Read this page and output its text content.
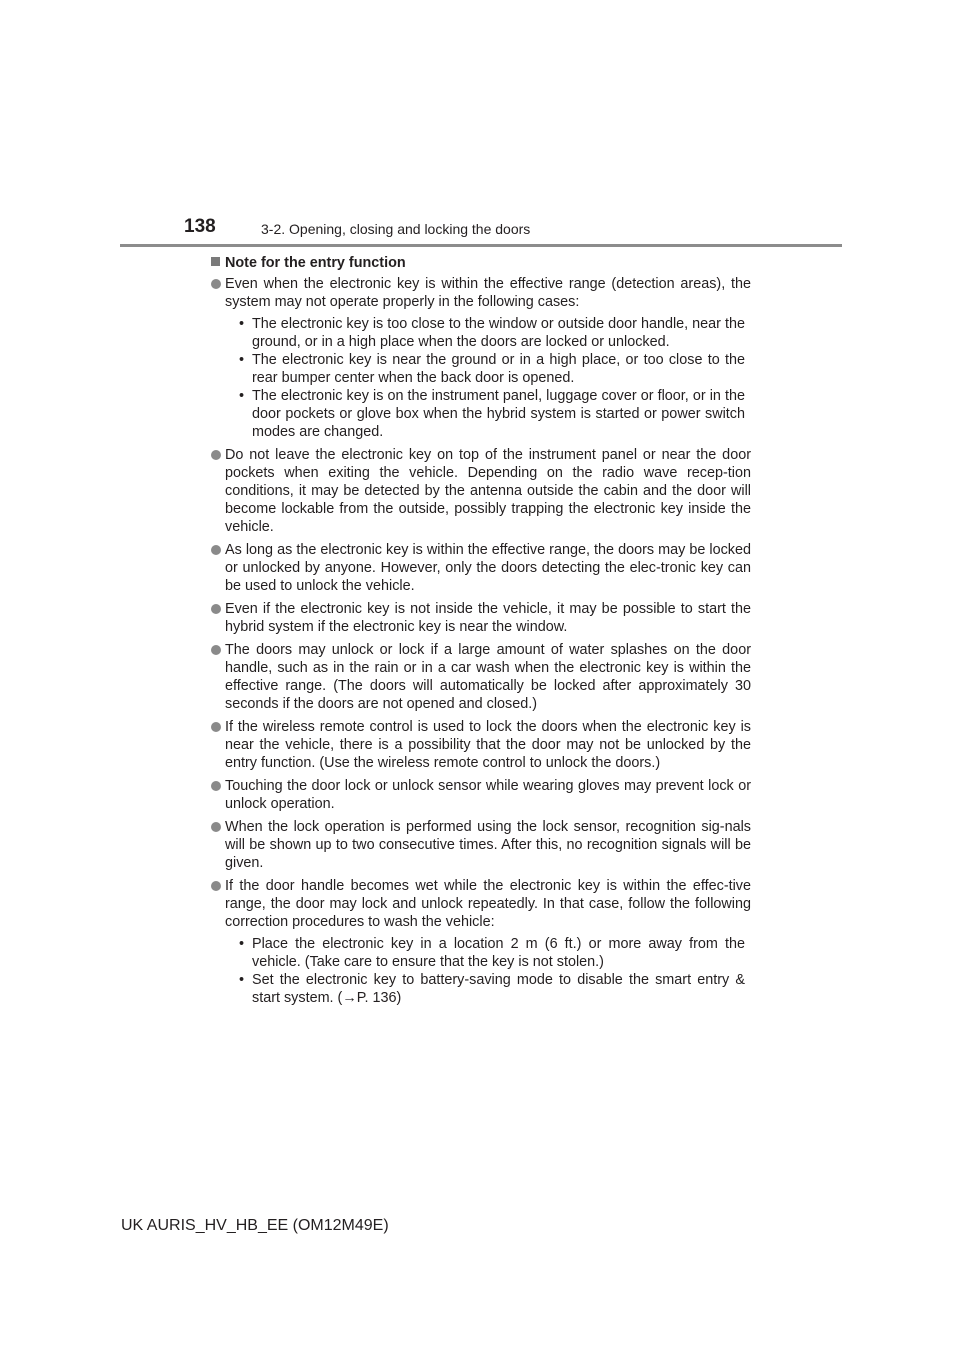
138	3-2. Opening, closing and locking the doors
Note for the entry function

Even when the electronic key is within the effective range (detection areas), the system may not operate properly in the following cases:

• The electronic key is too close to the window or outside door handle, near the ground, or in a high place when the doors are locked or unlocked.
• The electronic key is near the ground or in a high place, or too close to the rear bumper center when the back door is opened.
• The electronic key is on the instrument panel, luggage cover or floor, or in the door pockets or glove box when the hybrid system is started or power switch modes are changed.

Do not leave the electronic key on top of the instrument panel or near the door pockets when exiting the vehicle. Depending on the radio wave recep-tion conditions, it may be detected by the antenna outside the cabin and the door will become lockable from the outside, possibly trapping the electronic key inside the vehicle.

As long as the electronic key is within the effective range, the doors may be locked or unlocked by anyone. However, only the doors detecting the elec-tronic key can be used to unlock the vehicle.

Even if the electronic key is not inside the vehicle, it may be possible to start the hybrid system if the electronic key is near the window.

The doors may unlock or lock if a large amount of water splashes on the door handle, such as in the rain or in a car wash when the electronic key is within the effective range. (The doors will automatically be locked after approximately 30 seconds if the doors are not opened and closed.)

If the wireless remote control is used to lock the doors when the electronic key is near the vehicle, there is a possibility that the door may not be unlocked by the entry function. (Use the wireless remote control to unlock the doors.)

Touching the door lock or unlock sensor while wearing gloves may prevent lock or unlock operation.

When the lock operation is performed using the lock sensor, recognition sig-nals will be shown up to two consecutive times. After this, no recognition signals will be given.

If the door handle becomes wet while the electronic key is within the effec-tive range, the door may lock and unlock repeatedly. In that case, follow the following correction procedures to wash the vehicle:

• Place the electronic key in a location 2 m (6 ft.) or more away from the vehicle. (Take care to ensure that the key is not stolen.)
• Set the electronic key to battery-saving mode to disable the smart entry & start system. (→P. 136)
UK AURIS_HV_HB_EE (OM12M49E)
